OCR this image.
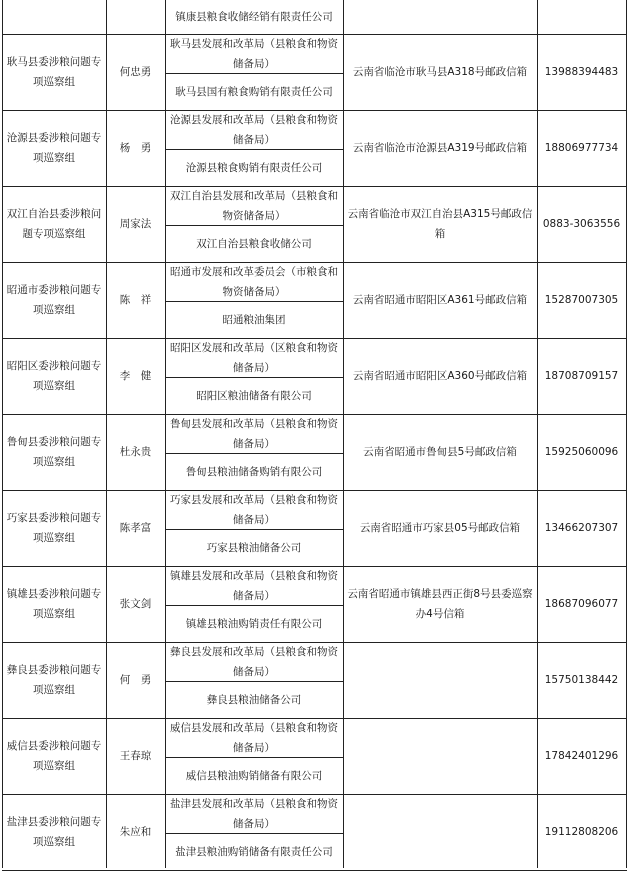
镇康县粮食收储经销有限责任公司
耿马县委涉粮问题专项巡察组
何忠勇
耿马县发展和改革局（县粮食和物资储备局）
耿马县国有粮食购销有限责任公司
云南省临沧市耿马县A318号邮政信箱 13988394483
沧源县委涉粮问题专项巡察组
杨　勇
沧源县发展和改革局（县粮食和物资储备局）
沧源县粮食购销有限责任公司
云南省临沧市沧源县A319号邮政信箱 18806977734
双江自治县委涉粮问题专项巡察组
周家法
双江自治县发展和改革局（县粮食和物资储备局）
双江自治县粮食收储公司
云南省临沧市双江自治县A315号邮政信箱
0883-3063556
昭通市委涉粮问题专项巡察组
陈　祥
昭通市发展和改革委员会（市粮食和物资储备局）
昭通粮油集团
云南省昭通市昭阳区A361号邮政信箱 15287007305
昭阳区委涉粮问题专项巡察组
李　健
昭阳区发展和改革局（区粮食和物资储备局）
昭阳区粮油储备有限公司
云南省昭通市昭阳区A360号邮政信箱 18708709157
鲁甸县委涉粮问题专项巡察组
杜永贵
鲁甸县发展和改革局（县粮食和物资储备局）
鲁甸县粮油储备购销有限公司
云南省昭通市鲁甸县5号邮政信箱	15925060096
巧家县委涉粮问题专项巡察组
陈孝富
巧家县发展和改革局（县粮食和物资储备局）
巧家县粮油储备公司
云南省昭通市巧家县05号邮政信箱 13466207307
镇雄县委涉粮问题专项巡察组
张文剑
镇雄县发展和改革局（县粮食和物资储备局）
镇雄县粮油购销责任有限公司
云南省昭通市镇雄县西正街8号县委巡察办4号信箱
18687096077
彝良县委涉粮问题专项巡察组
何　勇
彝良县发展和改革局（县粮食和物资储备局）
彝良县粮油储备公司
15750138442
威信县委涉粮问题专项巡察组
王春琼
威信县发展和改革局（县粮食和物资储备局）
威信县粮油购销储备有限公司
17842401296
盐津县委涉粮问题专项巡察组
朱应和
盐津县发展和改革局（县粮食和物资储备局）
盐津县粮油购销储备有限责任公司
19112808206
